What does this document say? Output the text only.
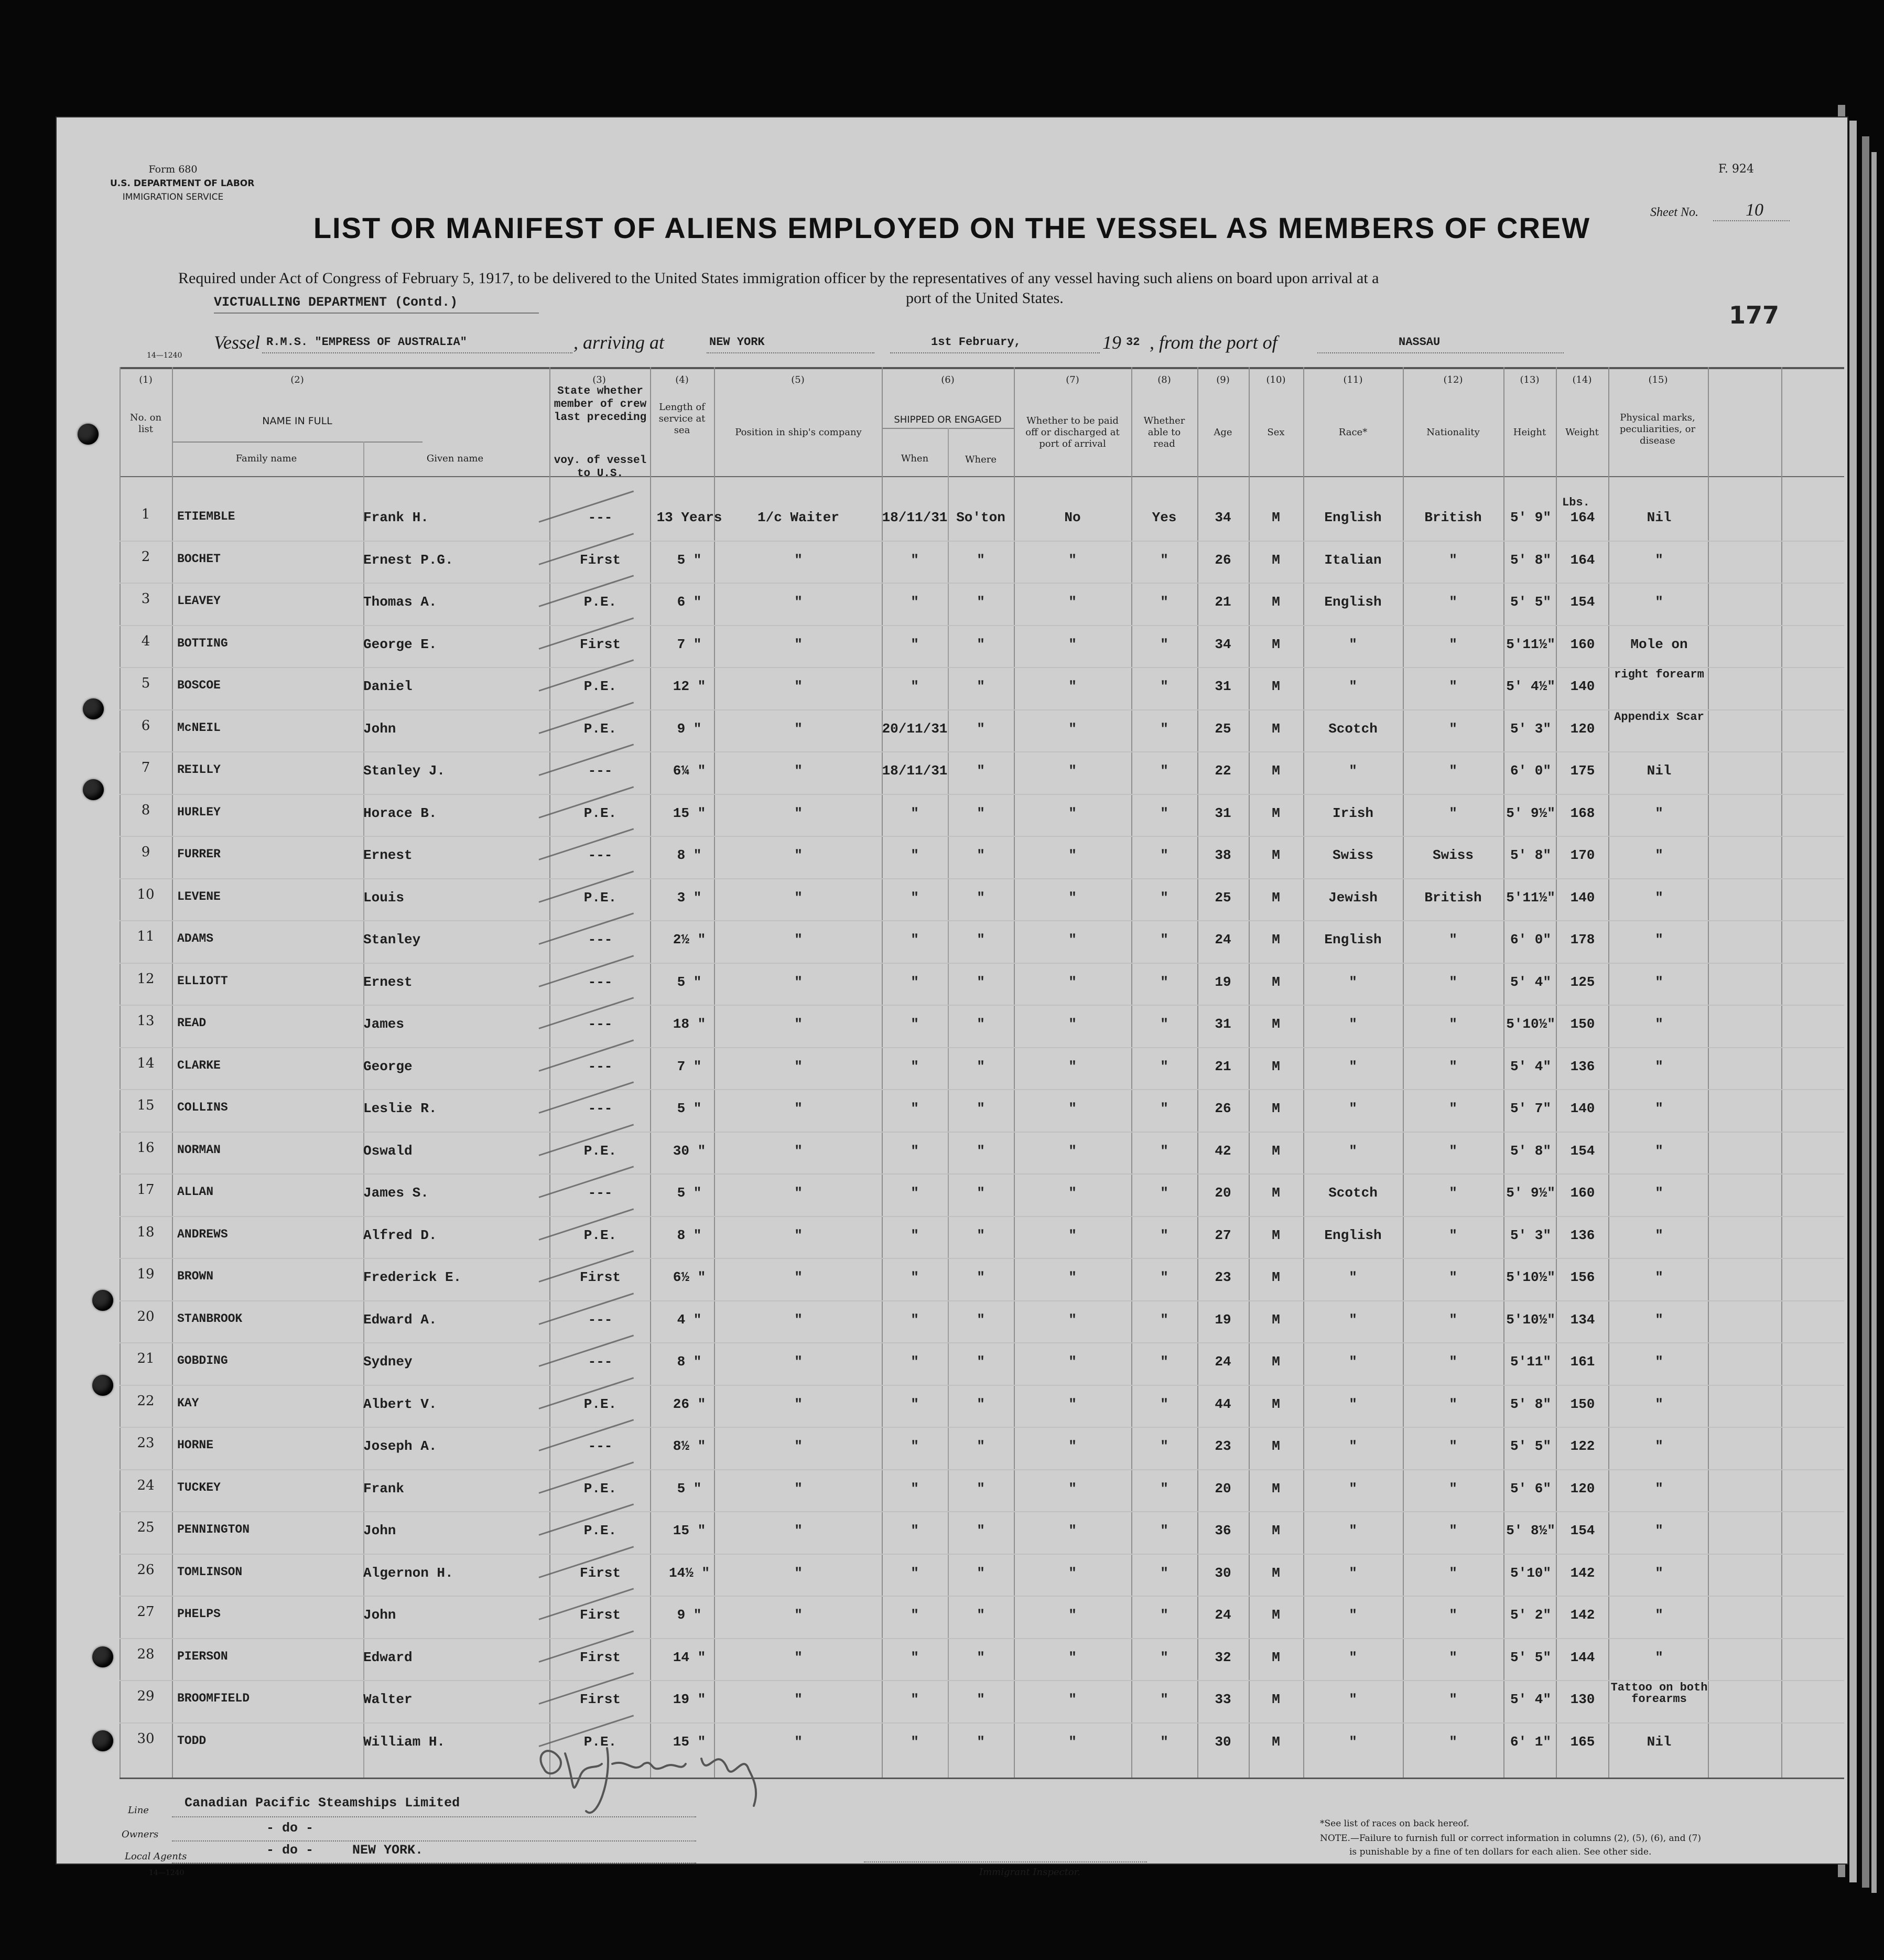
Form 680
U.S. DEPARTMENT OF LABOR
IMMIGRATION SERVICE
F. 924
Sheet No.	10
LIST OR MANIFEST OF ALIENS EMPLOYED ON THE VESSEL AS MEMBERS OF CREW
Required under Act of Congress of February 5, 1917, to be delivered to the United States immigration officer by the representatives of any vessel having such aliens on board upon arrival at a
port of the United States.
VICTUALLING DEPARTMENT (Contd.)	177
Vessel R.M.S. "EMPRESS OF AUSTRALIA"	, arriving at	NEW YORK	1st February,	19 32 , from the port of	NASSAU
14—1240
(1)
No. on list
(2)
NAME IN FULL
Family name	Given name
(3)
State whether member of crew last preceding
voy. of vessel to U.S.
(4)
Length of service at sea
(5)
Position in ship's company
(6)
SHIPPED OR ENGAGED
When	Where
(7)
Whether to be paid off or discharged at port of arrival
(8)
Whether able to read
(9)
Age
(10)
Sex
(11)
Race*
(12)
Nationality
(13)
Height
(14)
Weight
(15)
Physical marks, peculiarities, or disease
Lbs.
1	ETIEMBLE	Frank H.	---	13 Years	1/c Waiter	18/11/31 So'ton	No	Yes	34	M	English	British	5' 9"	164	Nil
2	BOCHET	Ernest P.G.	First	5 "	"	"	"	"	"	26	M	Italian	"	5' 8"	164	"
3	LEAVEY	Thomas A.	P.E.	6 "	"	"	"	"	"	21	M	English	"	5' 5"	154	"
4	BOTTING	George E.	First	7 "	"	"	"	"	"	34	M	"	"	5'11½"	160	Mole on
5	BOSCOE	Daniel	P.E.	12 "	"	"	"	"	"	31	M	"	"	5' 4½"	140
right forearm
6	McNEIL	John	P.E.	9 "	"	20/11/31	"	"	"	25	M	Scotch	"	5' 3"	120
Appendix Scar
7	REILLY	Stanley J.	---	6¼ "	"	18/11/31	"	"	"	22	M	"	"	6' 0"	175	Nil
8	HURLEY	Horace B.	P.E.	15 "	"	"	"	"	"	31	M	Irish	"	5' 9½"	168	"
9	FURRER	Ernest	---	8 "	"	"	"	"	"	38	M	Swiss	Swiss	5' 8"	170	"
10	LEVENE	Louis	P.E.	3 "	"	"	"	"	"	25	M	Jewish	British	5'11½"	140	"
11	ADAMS	Stanley	---	2½ "	"	"	"	"	"	24	M	English	"	6' 0"	178	"
12	ELLIOTT	Ernest	---	5 "	"	"	"	"	"	19	M	"	"	5' 4"	125	"
13	READ	James	---	18 "	"	"	"	"	"	31	M	"	"	5'10½"	150	"
14	CLARKE	George	---	7 "	"	"	"	"	"	21	M	"	"	5' 4"	136	"
15	COLLINS	Leslie R.	---	5 "	"	"	"	"	"	26	M	"	"	5' 7"	140	"
16	NORMAN	Oswald	P.E.	30 "	"	"	"	"	"	42	M	"	"	5' 8"	154	"
17	ALLAN	James S.	---	5 "	"	"	"	"	"	20	M	Scotch	"	5' 9½"	160	"
18	ANDREWS	Alfred D.	P.E.	8 "	"	"	"	"	"	27	M	English	"	5' 3"	136	"
19	BROWN	Frederick E.	First	6½ "	"	"	"	"	"	23	M	"	"	5'10½"	156	"
20	STANBROOK	Edward A.	---	4 "	"	"	"	"	"	19	M	"	"	5'10½"	134	"
21	GOBDING	Sydney	---	8 "	"	"	"	"	"	24	M	"	"	5'11"	161	"
22	KAY	Albert V.	P.E.	26 "	"	"	"	"	"	44	M	"	"	5' 8"	150	"
23	HORNE	Joseph A.	---	8½ "	"	"	"	"	"	23	M	"	"	5' 5"	122	"
24	TUCKEY	Frank	P.E.	5 "	"	"	"	"	"	20	M	"	"	5' 6"	120	"
25	PENNINGTON	John	P.E.	15 "	"	"	"	"	"	36	M	"	"	5' 8½"	154	"
26	TOMLINSON	Algernon H.	First	14½ "	"	"	"	"	"	30	M	"	"	5'10"	142	"
27	PHELPS	John	First	9 "	"	"	"	"	"	24	M	"	"	5' 2"	142	"
28	PIERSON	Edward	First	14 "	"	"	"	"	"	32	M	"	"	5' 5"	144	"
29	BROOMFIELD	Walter	First	19 "	"	"	"	"	"	33	M	"	"	5' 4"	130
Tattoo on both forearms
30	TODD	William H.	P.E.	15 "	"	"	"	"	"	30	M	"	"	6' 1"	165	Nil
Line	Canadian Pacific Steamships Limited
Owners	- do -
Local Agents	- do -	NEW YORK.
14—1240	Immigrant Inspector.
*See list of races on back hereof.
NOTE.—Failure to furnish full or correct information in columns (2), (5), (6), and (7)
is punishable by a fine of ten dollars for each alien. See other side.
